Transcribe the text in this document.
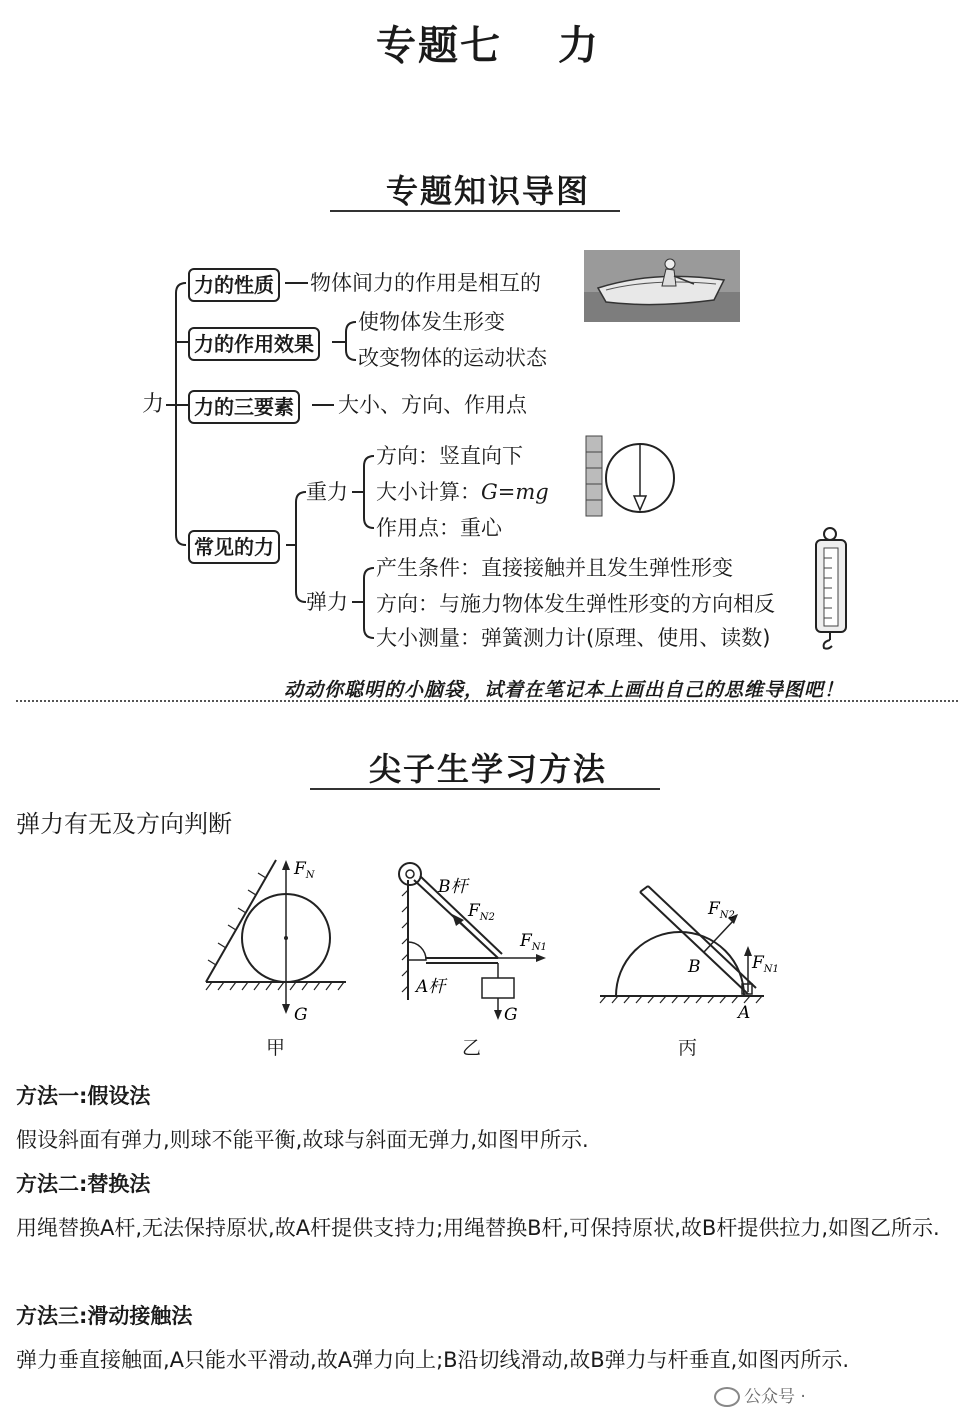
专题七 力
专题知识导图
力
力的性质 物体间力的作用是相互的
力的作用效果
使物体发生形变
改变物体的运动状态
力的三要素 大小、方向、作用点
常见的力
重力
方向：竖直向下
大小计算：G=mg
作用点：重心
弹力
产生条件：直接接触并且发生弹性形变
方向：与施力物体发生弹性形变的方向相反
大小测量：弹簧测力计(原理、使用、读数)
动动你聪明的小脑袋，试着在笔记本上画出自己的思维导图吧！
尖子生学习方法
弹力有无及方向判断
$F_N$
G
甲
B杆
A杆
$F_{N2}$
$F_{N1}$
G
乙
$F_{N2}$
$F_{N1}$
B
A
丙
方法一:假设法
假设斜面有弹力,则球不能平衡,故球与斜面无弹力,如图甲所示.
方法二:替换法
用绳替换A杆,无法保持原状,故A杆提供支持力;用绳替换B杆,可保持原状,故B杆提供拉力,如图乙所示.
方法三:滑动接触法
弹力垂直接触面,A只能水平滑动,故A弹力向上;B沿切线滑动,故B弹力与杆垂直,如图丙所示.
公众号 ·
